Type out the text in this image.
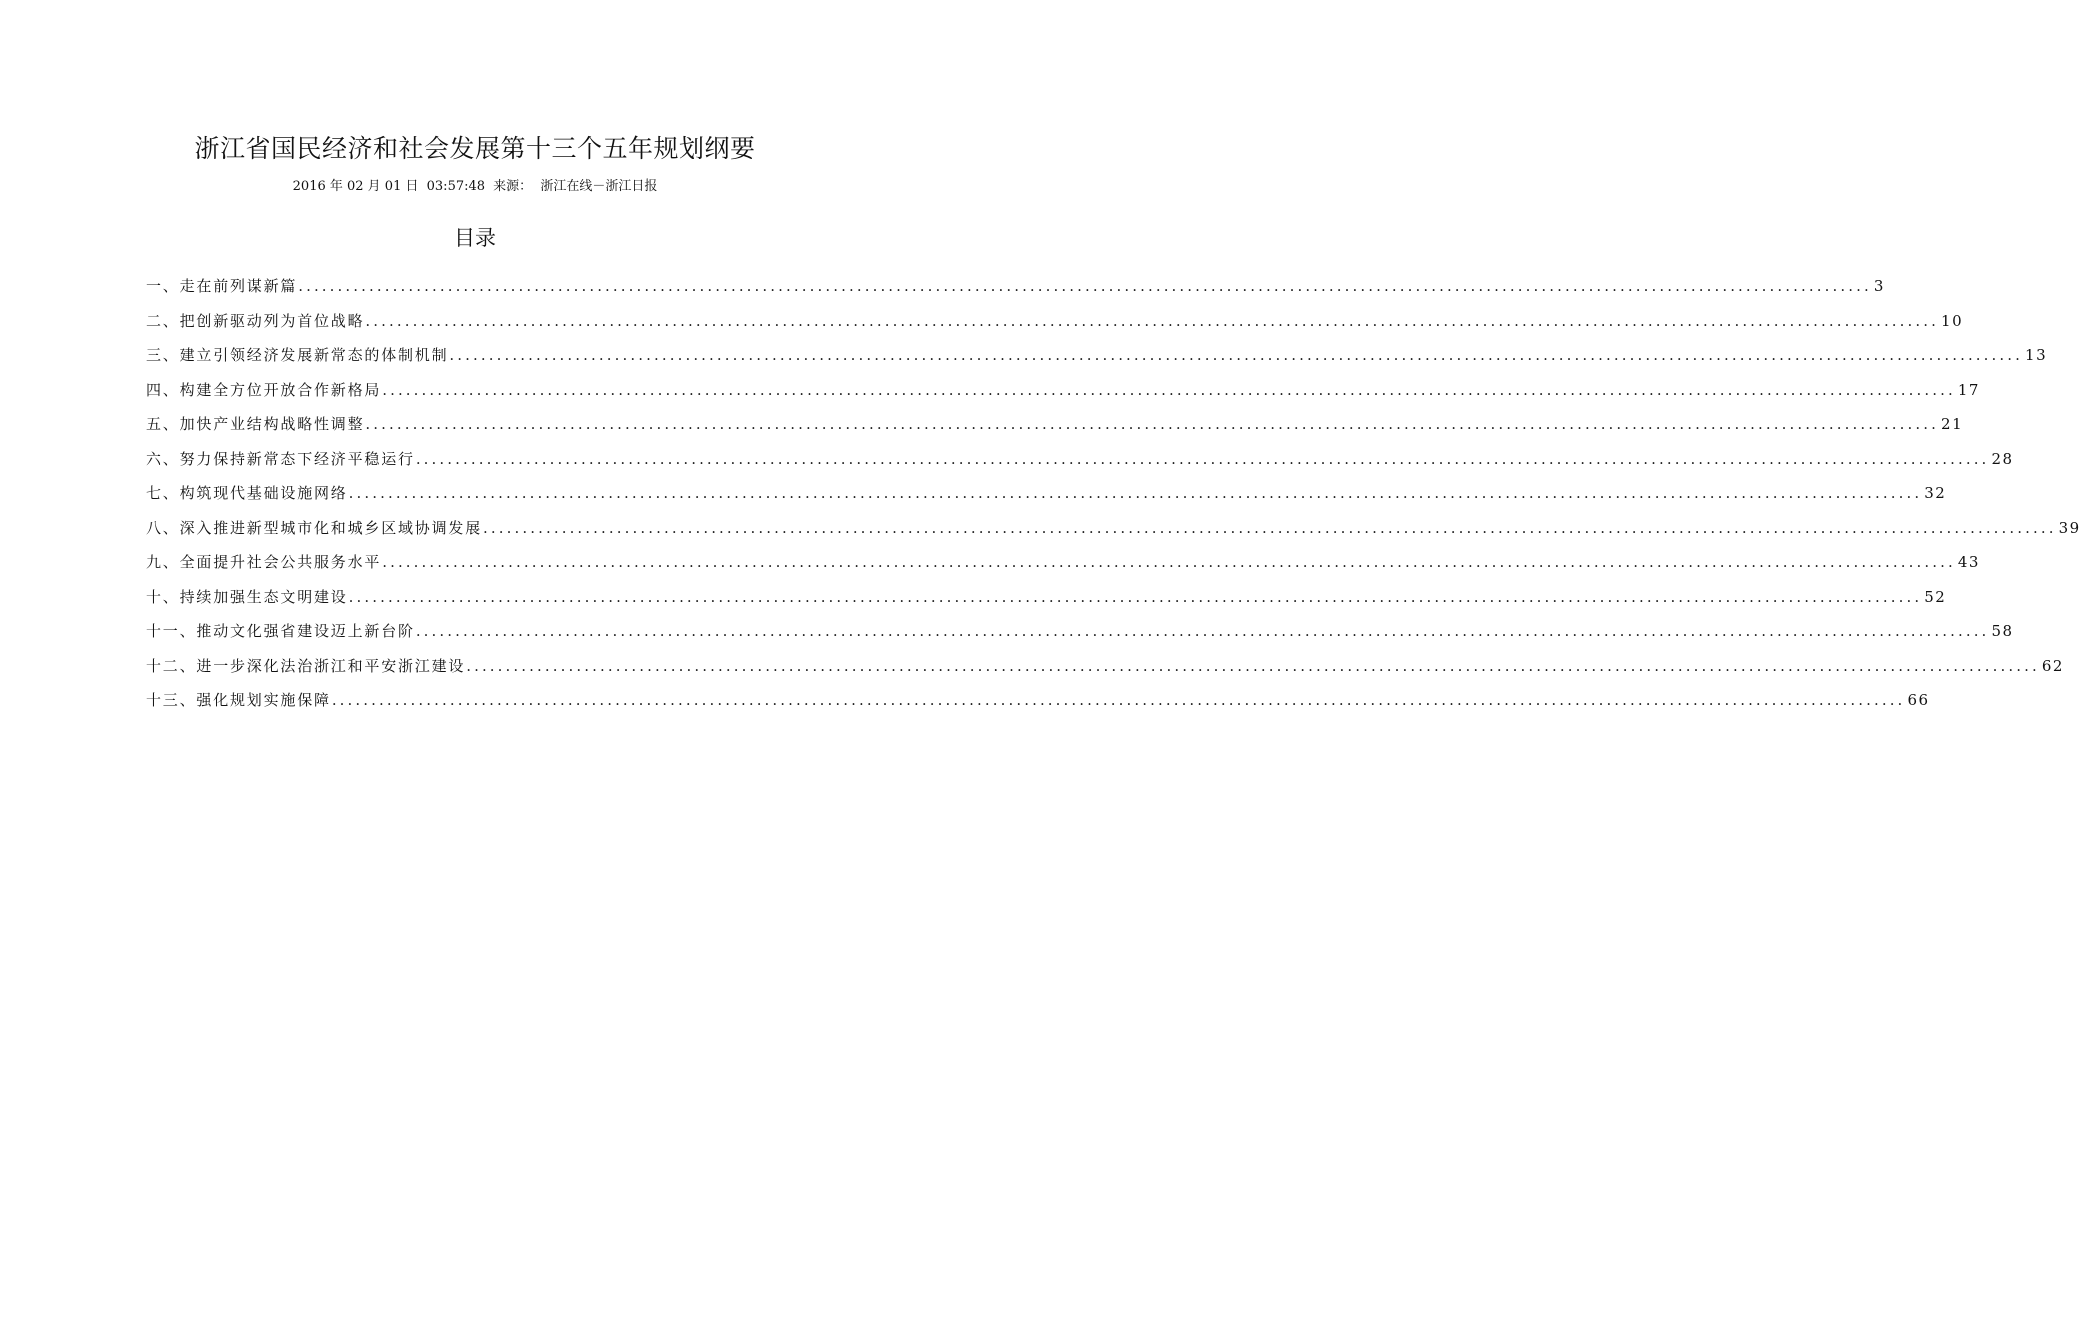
浙江省国民经济和社会发展第十三个五年规划纲要
2016 年 02 月 01 日 03:57:48 来源： 浙江在线－浙江日报
目录
一、走在前列谋新篇 ........................................................................................................................................................................................................ 3
二、把创新驱动列为首位战略 ........................................................................................................................................................................................................ 10
三、建立引领经济发展新常态的体制机制 ........................................................................................................................................................................................................ 13
四、构建全方位开放合作新格局 ........................................................................................................................................................................................................ 17
五、加快产业结构战略性调整 ........................................................................................................................................................................................................ 21
六、努力保持新常态下经济平稳运行 ........................................................................................................................................................................................................ 28
七、构筑现代基础设施网络 ........................................................................................................................................................................................................ 32
八、深入推进新型城市化和城乡区域协调发展 ........................................................................................................................................................................................................ 39
九、全面提升社会公共服务水平 ........................................................................................................................................................................................................ 43
十、持续加强生态文明建设 ........................................................................................................................................................................................................ 52
十一、推动文化强省建设迈上新台阶 ........................................................................................................................................................................................................ 58
十二、进一步深化法治浙江和平安浙江建设 ........................................................................................................................................................................................................ 62
十三、强化规划实施保障 ........................................................................................................................................................................................................ 66
